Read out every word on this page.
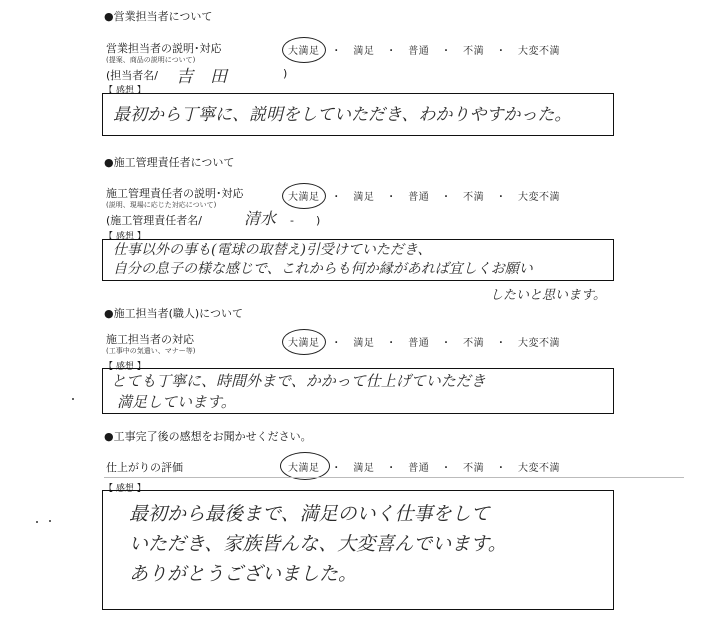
●営業担当者について
営業担当者の説明･対応
(提案、商品の説明について)
(担当者名/ 吉　田	)
大満足 ・ 満足 ・ 普通 ・ 不満 ・ 大変不満
【 感想 】
最初から丁寧に、説明をしていただき、わかりやすかった。
●施工管理責任者について
施工管理責任者の説明･対応
(説明、現場に応じた対応について)
(施工管理責任者名/	清水 -　　)
大満足 ・ 満足 ・ 普通 ・ 不満 ・ 大変不満
【 感想 】
仕事以外の事も(電球の取替え)引受けていただき、
自分の息子の様な感じで、これからも何か縁があれば宜しくお願い
したいと思います。
●施工担当者(職人)について
施工担当者の対応
(工事中の気遣い、マナー等)
大満足 ・ 満足 ・ 普通 ・ 不満 ・ 大変不満
【 感想 】
とても丁寧に、時間外まで、かかって仕上げていただき
満足しています。
●工事完了後の感想をお聞かせください。
仕上がりの評価	大満足 ・ 満足 ・ 普通 ・ 不満 ・ 大変不満
【 感想 】
最初から最後まで、満足のいく仕事をして
いただき、家族皆んな、大変喜んでいます。
ありがとうございました。
